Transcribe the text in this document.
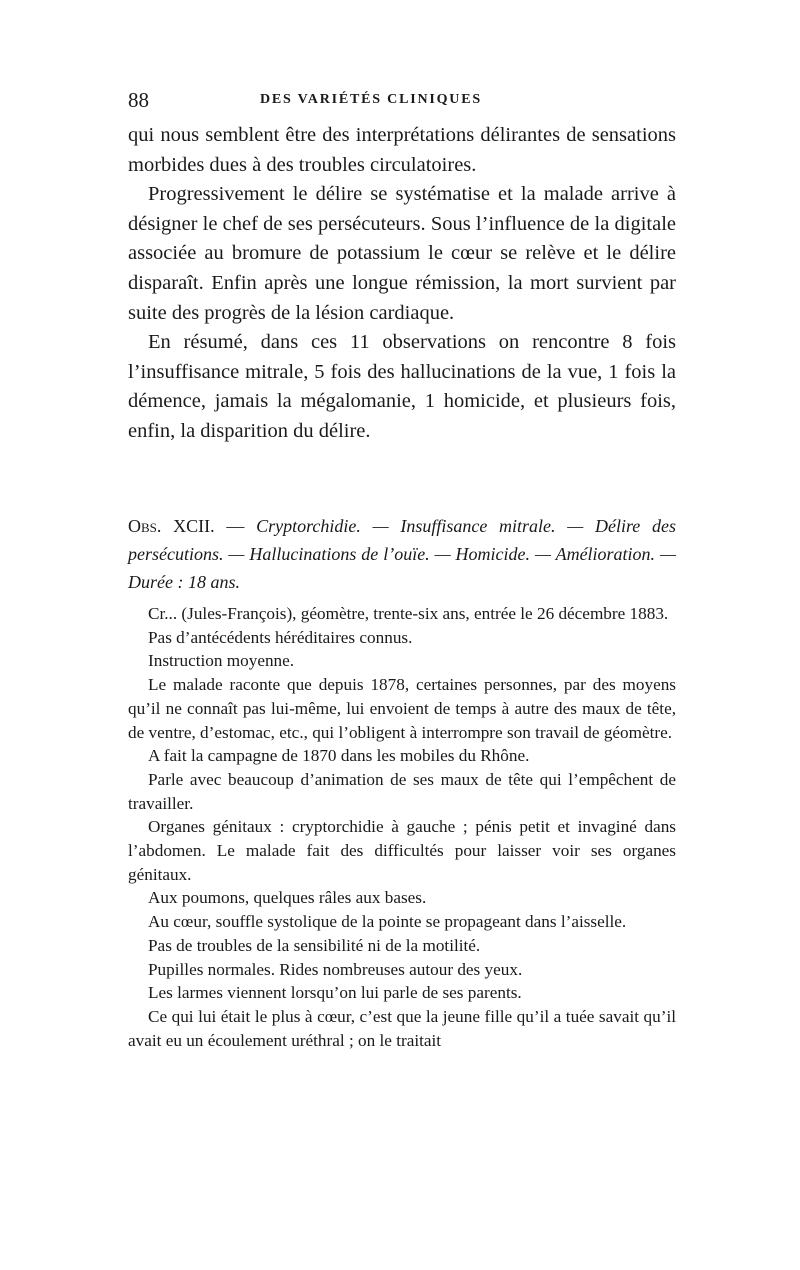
88	DES VARIÉTÉS CLINIQUES

qui nous semblent être des interprétations délirantes de sensations morbides dues à des troubles circulatoires.

Progressivement le délire se systématise et la malade arrive à désigner le chef de ses persécuteurs. Sous l’influence de la digitale associée au bromure de potassium le cœur se relève et le délire disparaît. Enfin après une longue rémission, la mort survient par suite des progrès de la lésion cardiaque.

En résumé, dans ces 11 observations on rencontre 8 fois l’insuffisance mitrale, 5 fois des hallucinations de la vue, 1 fois la démence, jamais la mégalomanie, 1 homicide, et plusieurs fois, enfin, la disparition du délire.

Obs. XCII. — Cryptorchidie. — Insuffisance mitrale. — Délire des persécutions. — Hallucinations de l’ouïe. — Homicide. — Amélioration. — Durée : 18 ans.

Cr... (Jules-François), géomètre, trente-six ans, entrée le 26 décembre 1883.

Pas d’antécédents héréditaires connus.

Instruction moyenne.

Le malade raconte que depuis 1878, certaines personnes, par des moyens qu’il ne connaît pas lui-même, lui envoient de temps à autre des maux de tête, de ventre, d’estomac, etc., qui l’obligent à interrompre son travail de géomètre.

A fait la campagne de 1870 dans les mobiles du Rhône.

Parle avec beaucoup d’animation de ses maux de tête qui l’empêchent de travailler.

Organes génitaux : cryptorchidie à gauche ; pénis petit et invaginé dans l’abdomen. Le malade fait des difficultés pour laisser voir ses organes génitaux.

Aux poumons, quelques râles aux bases.

Au cœur, souffle systolique de la pointe se propageant dans l’aisselle.

Pas de troubles de la sensibilité ni de la motilité.

Pupilles normales. Rides nombreuses autour des yeux.

Les larmes viennent lorsqu’on lui parle de ses parents.

Ce qui lui était le plus à cœur, c’est que la jeune fille qu’il a tuée savait qu’il avait eu un écoulement uréthral ; on le traitait
